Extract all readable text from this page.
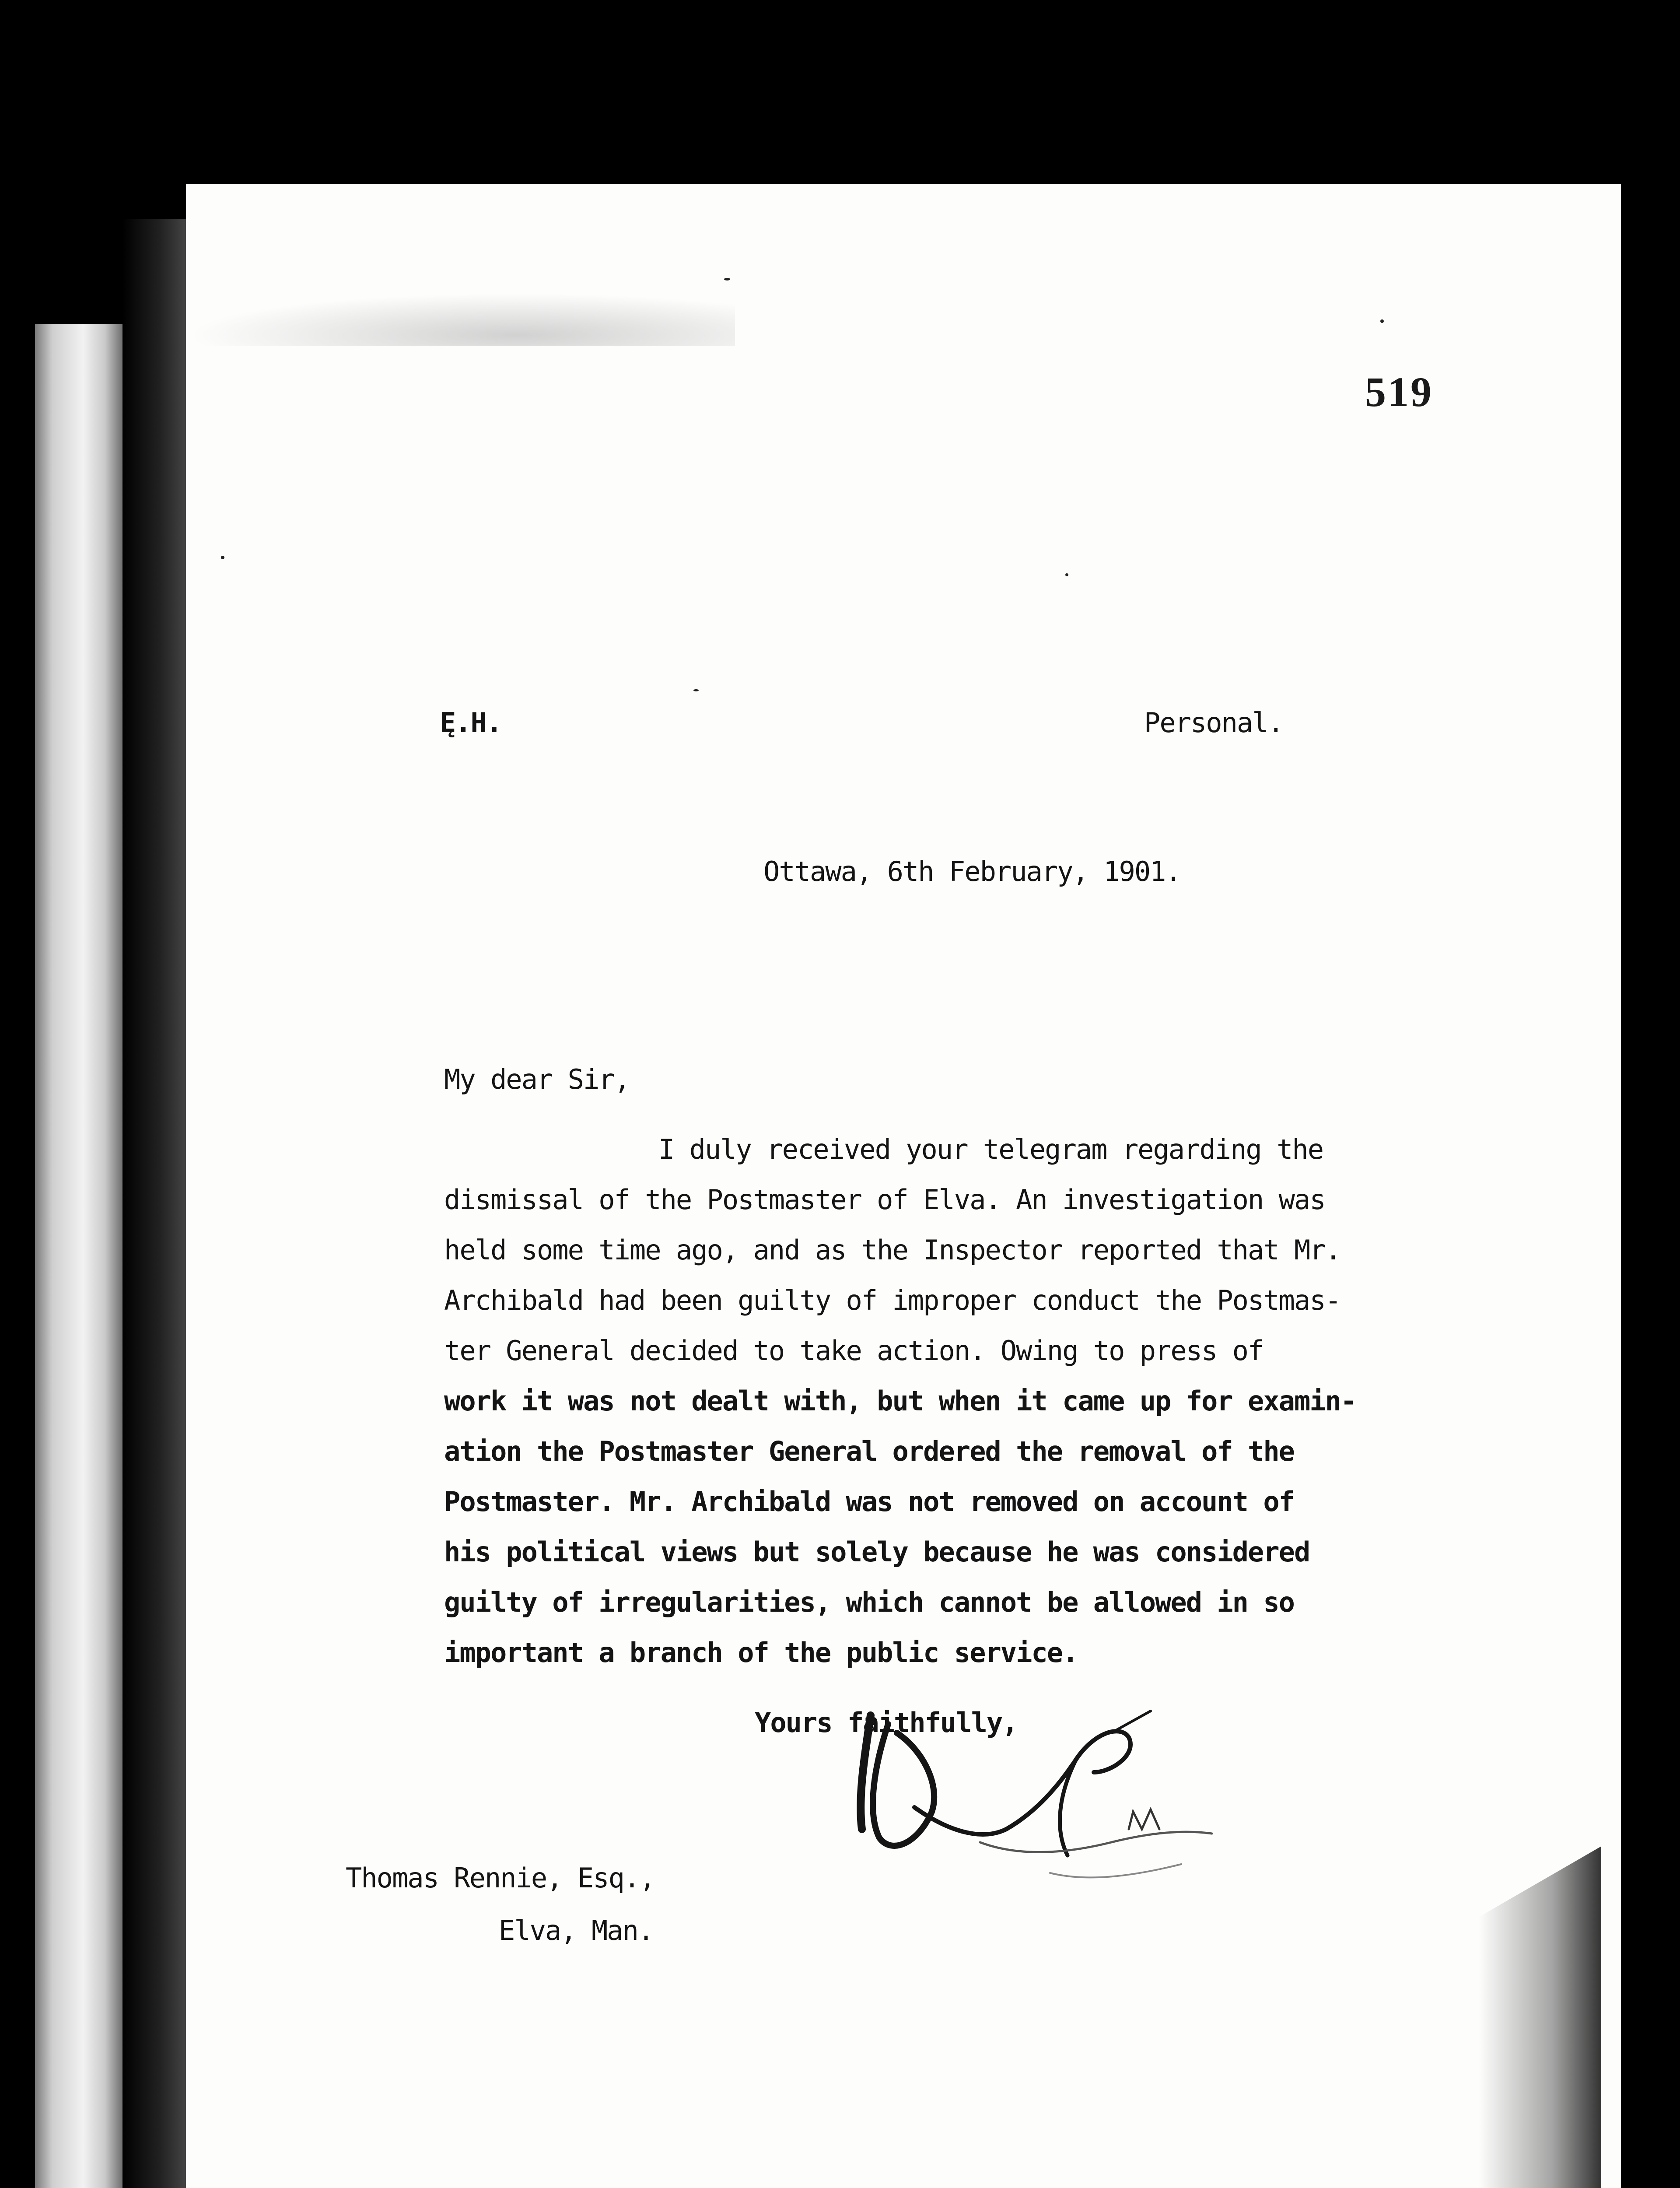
519
Ę.H.	Personal.
Ottawa, 6th February, 1901.
My dear Sir,
I duly received your telegram regarding the
dismissal of the Postmaster of Elva. An investigation was
held some time ago, and as the Inspector reported that Mr.
Archibald had been guilty of improper conduct the Postmas-
ter General decided to take action. Owing to press of
work it was not dealt with, but when it came up for examin-
ation the Postmaster General ordered the removal of the
Postmaster. Mr. Archibald was not removed on account of
his political views but solely because he was considered
guilty of irregularities, which cannot be allowed in so
important a branch of the public service.
Yours faithfully,
Thomas Rennie, Esq.,
Elva, Man.
